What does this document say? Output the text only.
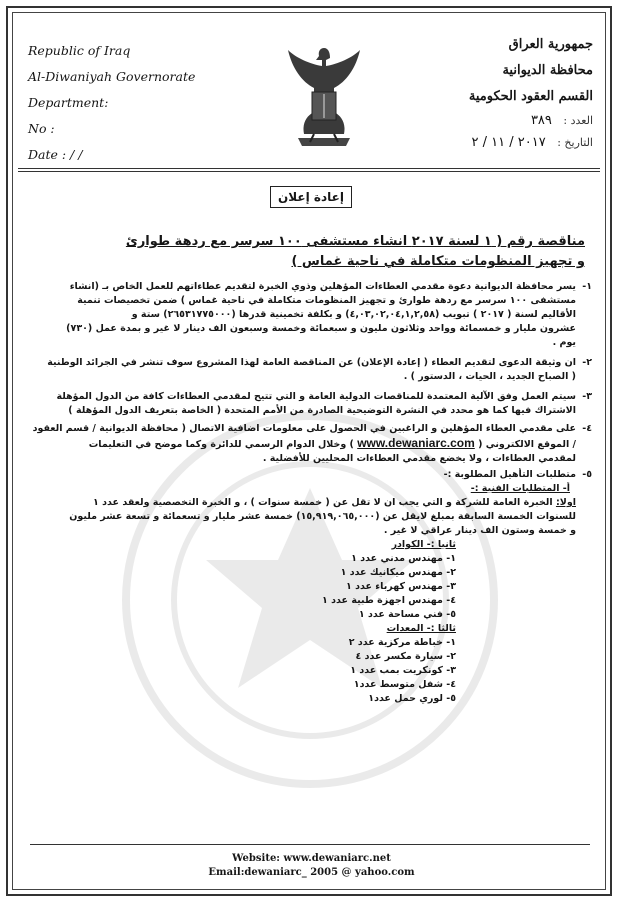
Republic of Iraq
Al-Diwaniyah Governorate
Department:
No :
Date : / /
جمهورية العراق
محافظة الديوانية
القسم العقود الحكومية
العدد : ٣٨٩
التاريخ : ٢٠١٧ / ١١ / ٢
إعادة إعلان
مناقصة رقم ( ١ لسنة ٢٠١٧ انشاء مستشفى ١٠٠ سرسر مع ردهة طوارئ
و تجهيز المنظومات متكاملة في ناحية غماس )
١-
يسر محافظة الديوانية دعوة مقدمي العطاءات المؤهلين وذوي الخبرة لتقديم عطاءاتهم للعمل الخاص بـ (انشاء
مستشفى ١٠٠ سرسر مع ردهة طوارئ و تجهيز المنظومات متكاملة في ناحية غماس ) ضمن تخصيصات تنمية
الأقاليم لسنة ( ٢٠١٧ ) تبويب (٤,٠٣,٠٢,٠٤,١,٢,٥٨) و بكلفة تخمينية قدرها (٢٦٥٣١٧٧٥٠٠٠) ستة و
عشرون مليار و خمسمائة وواحد وثلاثون مليون و سبعمائة وخمسة وسبعون الف دينار لا غير و بمدة عمل (٧٣٠)
يوم .
٢-
ان وثيقة الدعوى لتقديم العطاء ( إعادة الإعلان) عن المناقصة العامة لهذا المشروع سوف تنشر في الجرائد الوطنية
( الصباح الجديد ، الحيات ، الدستور ) .
٣-
سيتم العمل وفق الآلية المعتمدة للمناقصات الدولية العامة و التي تتيح لمقدمي العطاءات كافة من الدول المؤهلة
الاشتراك فيها كما هو محدد في النشرة التوضيحية الصادرة من الأمم المتحدة ( الخاصة بتعريف الدول المؤهلة )
٤-
على مقدمي العطاء المؤهلين و الراغبين في الحصول على معلومات اضافية الاتصال ( محافظة الديوانية / قسم العقود
/ الموقع الالكتروني ( www.dewaniarc.com ) وخلال الدوام الرسمي للدائرة وكما موضح في التعليمات
لمقدمي العطاءات ، ولا يخضع مقدمي العطاءات المحليين للأفضلية .
٥-
متطلبات التأهيل المطلوبة :-
أ- المتطلبات الفنية :-
اولا: الخبرة العامة للشركة و التي يجب ان لا تقل عن ( خمسة سنوات ) ، و الخبرة التخصصية ولعقد عدد ١
للسنوات الخمسة السابقة بمبلغ لايقل عن (١٥,٩١٩,٠٦٥,٠٠٠) خمسة عشر مليار و تسعمائة و تسعة عشر مليون
و خمسة وستون الف دينار عراقي لا غير .
ثانيا :- الكوادر
١- مهندس مدني عدد ١
٢- مهندس ميكانيك عدد ١
٣- مهندس كهرباء عدد ١
٤- مهندس اجهزة طبية عدد ١
٥- فني مساحة عدد ١
ثالثا :- المعدات
١- خباطة مركزية عدد ٢
٢- سيارة مكسر عدد ٤
٣- كونكريت بمب عدد ١
٤- شفل متوسط عدد١
٥- لوري حمل عدد١
Website: www.dewaniarc.net
Email:dewaniarc_ 2005 @ yahoo.com
